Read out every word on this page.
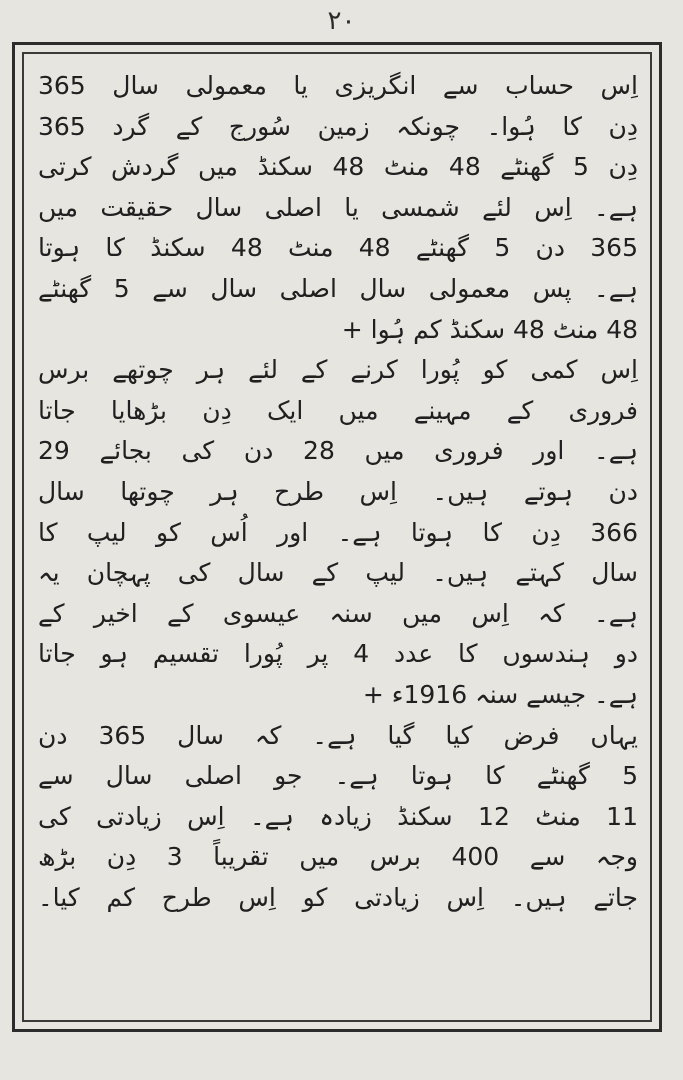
۲۰
اِس حساب سے انگریزی یا معمولی سال 365
دِن کا ہُوا۔ چونکہ زمین سُورج کے گرد 365
دِن 5 گھنٹے 48 منٹ 48 سکنڈ میں گردش کرتی
ہے۔ اِس لئے شمسی یا اصلی سال حقیقت میں
365 دن 5 گھنٹے 48 منٹ 48 سکنڈ کا ہوتا
ہے۔ پس معمولی سال اصلی سال سے 5 گھنٹے
48 منٹ 48 سکنڈ کم ہُوا +
اِس کمی کو پُورا کرنے کے لئے ہر چوتھے برس
فروری کے مہینے میں ایک دِن بڑھایا جاتا
ہے۔ اور فروری میں 28 دن کی بجائے 29
دن ہوتے ہیں۔ اِس طرح ہر چوتھا سال
366 دِن کا ہوتا ہے۔ اور اُس کو لیپ کا
سال کہتے ہیں۔ لیپ کے سال کی پہچان یہ
ہے۔ کہ اِس میں سنہ عیسوی کے اخیر کے
دو ہندسوں کا عدد 4 پر پُورا تقسیم ہو جاتا
ہے۔ جیسے سنہ 1916ء +
یہاں فرض کیا گیا ہے۔ کہ سال 365 دن
5 گھنٹے کا ہوتا ہے۔ جو اصلی سال سے
11 منٹ 12 سکنڈ زیادہ ہے۔ اِس زیادتی کی
وجہ سے 400 برس میں تقریباً 3 دِن بڑھ
جاتے ہیں۔ اِس زیادتی کو اِس طرح کم کیا۔
